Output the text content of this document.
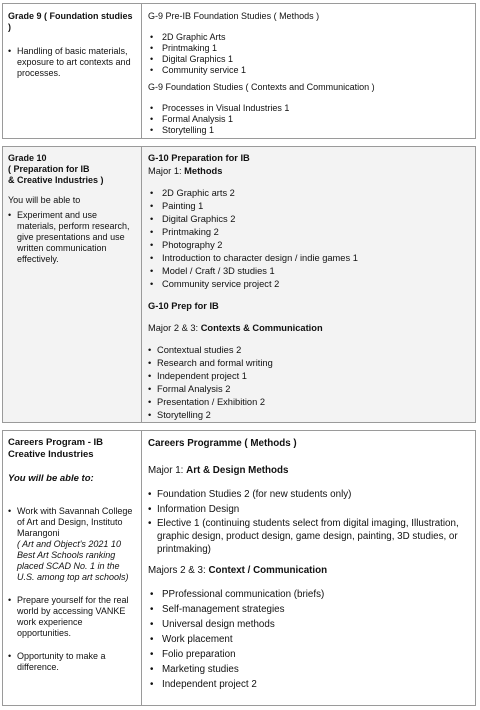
Grade 9 ( Foundation studies )
• Handling of basic materials, exposure to art contexts and processes.
G-9 Pre-IB Foundation Studies ( Methods )
• 2D Graphic Arts
• Printmaking 1
• Digital Graphics 1
• Community service 1
G-9 Foundation Studies ( Contexts and Communication )
• Processes in Visual Industries 1
• Formal Analysis 1
• Storytelling 1
Grade 10
( Preparation for IB
& Creative Industries )
You will be able to
• Experiment and use materials, perform research, give presentations and use written communication effectively.
G-10 Preparation for IB
Major 1: Methods
• 2D Graphic arts 2
• Painting 1
• Digital Graphics 2
• Printmaking 2
• Photography 2
• Introduction to character design / indie games 1
• Model / Craft / 3D studies 1
• Community service project 2
G-10 Prep for IB
Major 2 & 3: Contexts & Communication
• Contextual studies 2
• Research and formal writing
• Independent project 1
• Formal Analysis 2
• Presentation / Exhibition 2
• Storytelling 2
Careers Program - IB
Creative Industries
You will be able to:
• Work with Savannah College of Art and Design, Instituto Marangoni
( Art and Object's 2021 10 Best Art Schools ranking placed SCAD No. 1 in the U.S. among top art schools)
• Prepare yourself for the real world by accessing VANKE work experience opportunities.
• Opportunity to make a difference.
Careers Programme ( Methods )
Major 1: Art & Design Methods
• Foundation Studies 2 (for new students only)
• Information Design
• Elective 1 (continuing students select from digital imaging, Illustration, graphic design, product design, game design, painting, 3D studies, or printmaking)
Majors 2 & 3: Context / Communication
• PProfessional communication (briefs)
• Self-management strategies
• Universal design methods
• Work placement
• Folio preparation
• Marketing studies
• Independent project 2
